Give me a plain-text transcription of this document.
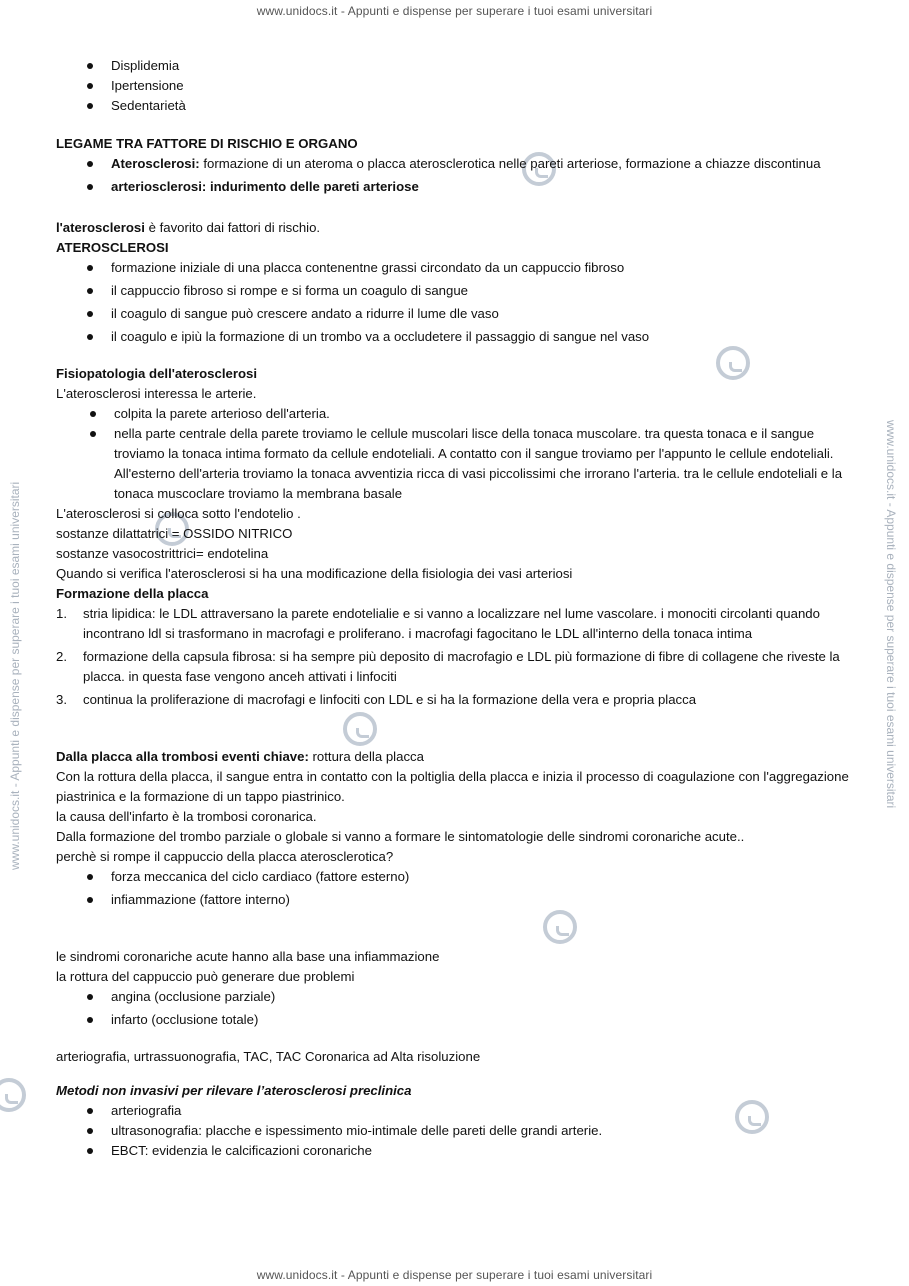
www.unidocs.it - Appunti e dispense per superare i tuoi esami universitari
www.unidocs.it - Appunti e dispense per superare i tuoi esami universitari	www.unidocs.it - Appunti e dispense per superare i tuoi esami universitari
Displidemia
Ipertensione
Sedentarietà

LEGAME TRA FATTORE DI RISCHIO E ORGANO

Aterosclerosi: formazione di un ateroma o placca aterosclerotica nelle pareti arteriose, formazione a chiazze discontinua
arteriosclerosi: indurimento delle pareti arteriose

l'aterosclerosi è favorito dai fattori di rischio.

ATEROSCLEROSI

formazione iniziale di una placca contenentne grassi circondato da un cappuccio fibroso
il cappuccio fibroso si rompe e si forma un coagulo di sangue
il coagulo di sangue può crescere andato a ridurre il lume dle vaso
il coagulo e ipiù la formazione di un trombo va a occludetere il passaggio di sangue nel vaso

Fisiopatologia dell'aterosclerosi

L'aterosclerosi interessa le arterie.

colpita la parete arterioso dell'arteria.
nella parte centrale della parete troviamo le cellule muscolari lisce della tonaca muscolare. tra questa tonaca e il sangue troviamo la tonaca intima formato da cellule endoteliali. A contatto con il sangue troviamo per l'appunto le cellule endoteliali. All'esterno dell'arteria troviamo la tonaca avventizia ricca di vasi piccolissimi che irrorano l'arteria. tra le cellule endoteliali e la tonaca muscoclare troviamo la membrana basale

L'aterosclerosi si colloca sotto l'endotelio .

sostanze dilattatrici = OSSIDO NITRICO

sostanze vasocostrittrici= endotelina

Quando si verifica l'aterosclerosi si ha una modificazione della fisiologia dei vasi arteriosi

Formazione della placca

1. stria lipidica: le LDL attraversano la parete endotelialie e si vanno a localizzare nel lume vascolare. i monociti circolanti quando incontrano ldl si trasformano in macrofagi e proliferano. i macrofagi fagocitano le LDL all'interno della tonaca intima
2. formazione della capsula fibrosa: si ha sempre più deposito di macrofagio e LDL più formazione di fibre di collagene che riveste la placca. in questa fase vengono anceh attivati i linfociti
3. continua la proliferazione di macrofagi e linfociti con LDL e si ha la formazione della vera e propria placca

Dalla placca alla trombosi eventi chiave: rottura della placca

Con la rottura della placca, il sangue entra in contatto con la poltiglia della placca e inizia il processo di coagulazione con l'aggregazione piastrinica e la formazione di un tappo piastrinico.

la causa dell'infarto è la trombosi coronarica.

Dalla formazione del trombo parziale o globale si vanno a formare le sintomatologie delle sindromi coronariche acute..

perchè si rompe il cappuccio della placca aterosclerotica?

forza meccanica del ciclo cardiaco (fattore esterno)
infiammazione (fattore interno)

le sindromi coronariche acute hanno alla base una infiammazione

la rottura del cappuccio può generare due problemi

angina (occlusione parziale)
infarto (occlusione totale)

arteriografia, urtrassuonografia, TAC, TAC Coronarica ad Alta risoluzione

Metodi non invasivi per rilevare l’aterosclerosi preclinica

arteriografia
ultrasonografia: placche e ispessimento mio-intimale delle pareti delle grandi arterie.
EBCT: evidenzia le calcificazioni coronariche
www.unidocs.it - Appunti e dispense per superare i tuoi esami universitari
